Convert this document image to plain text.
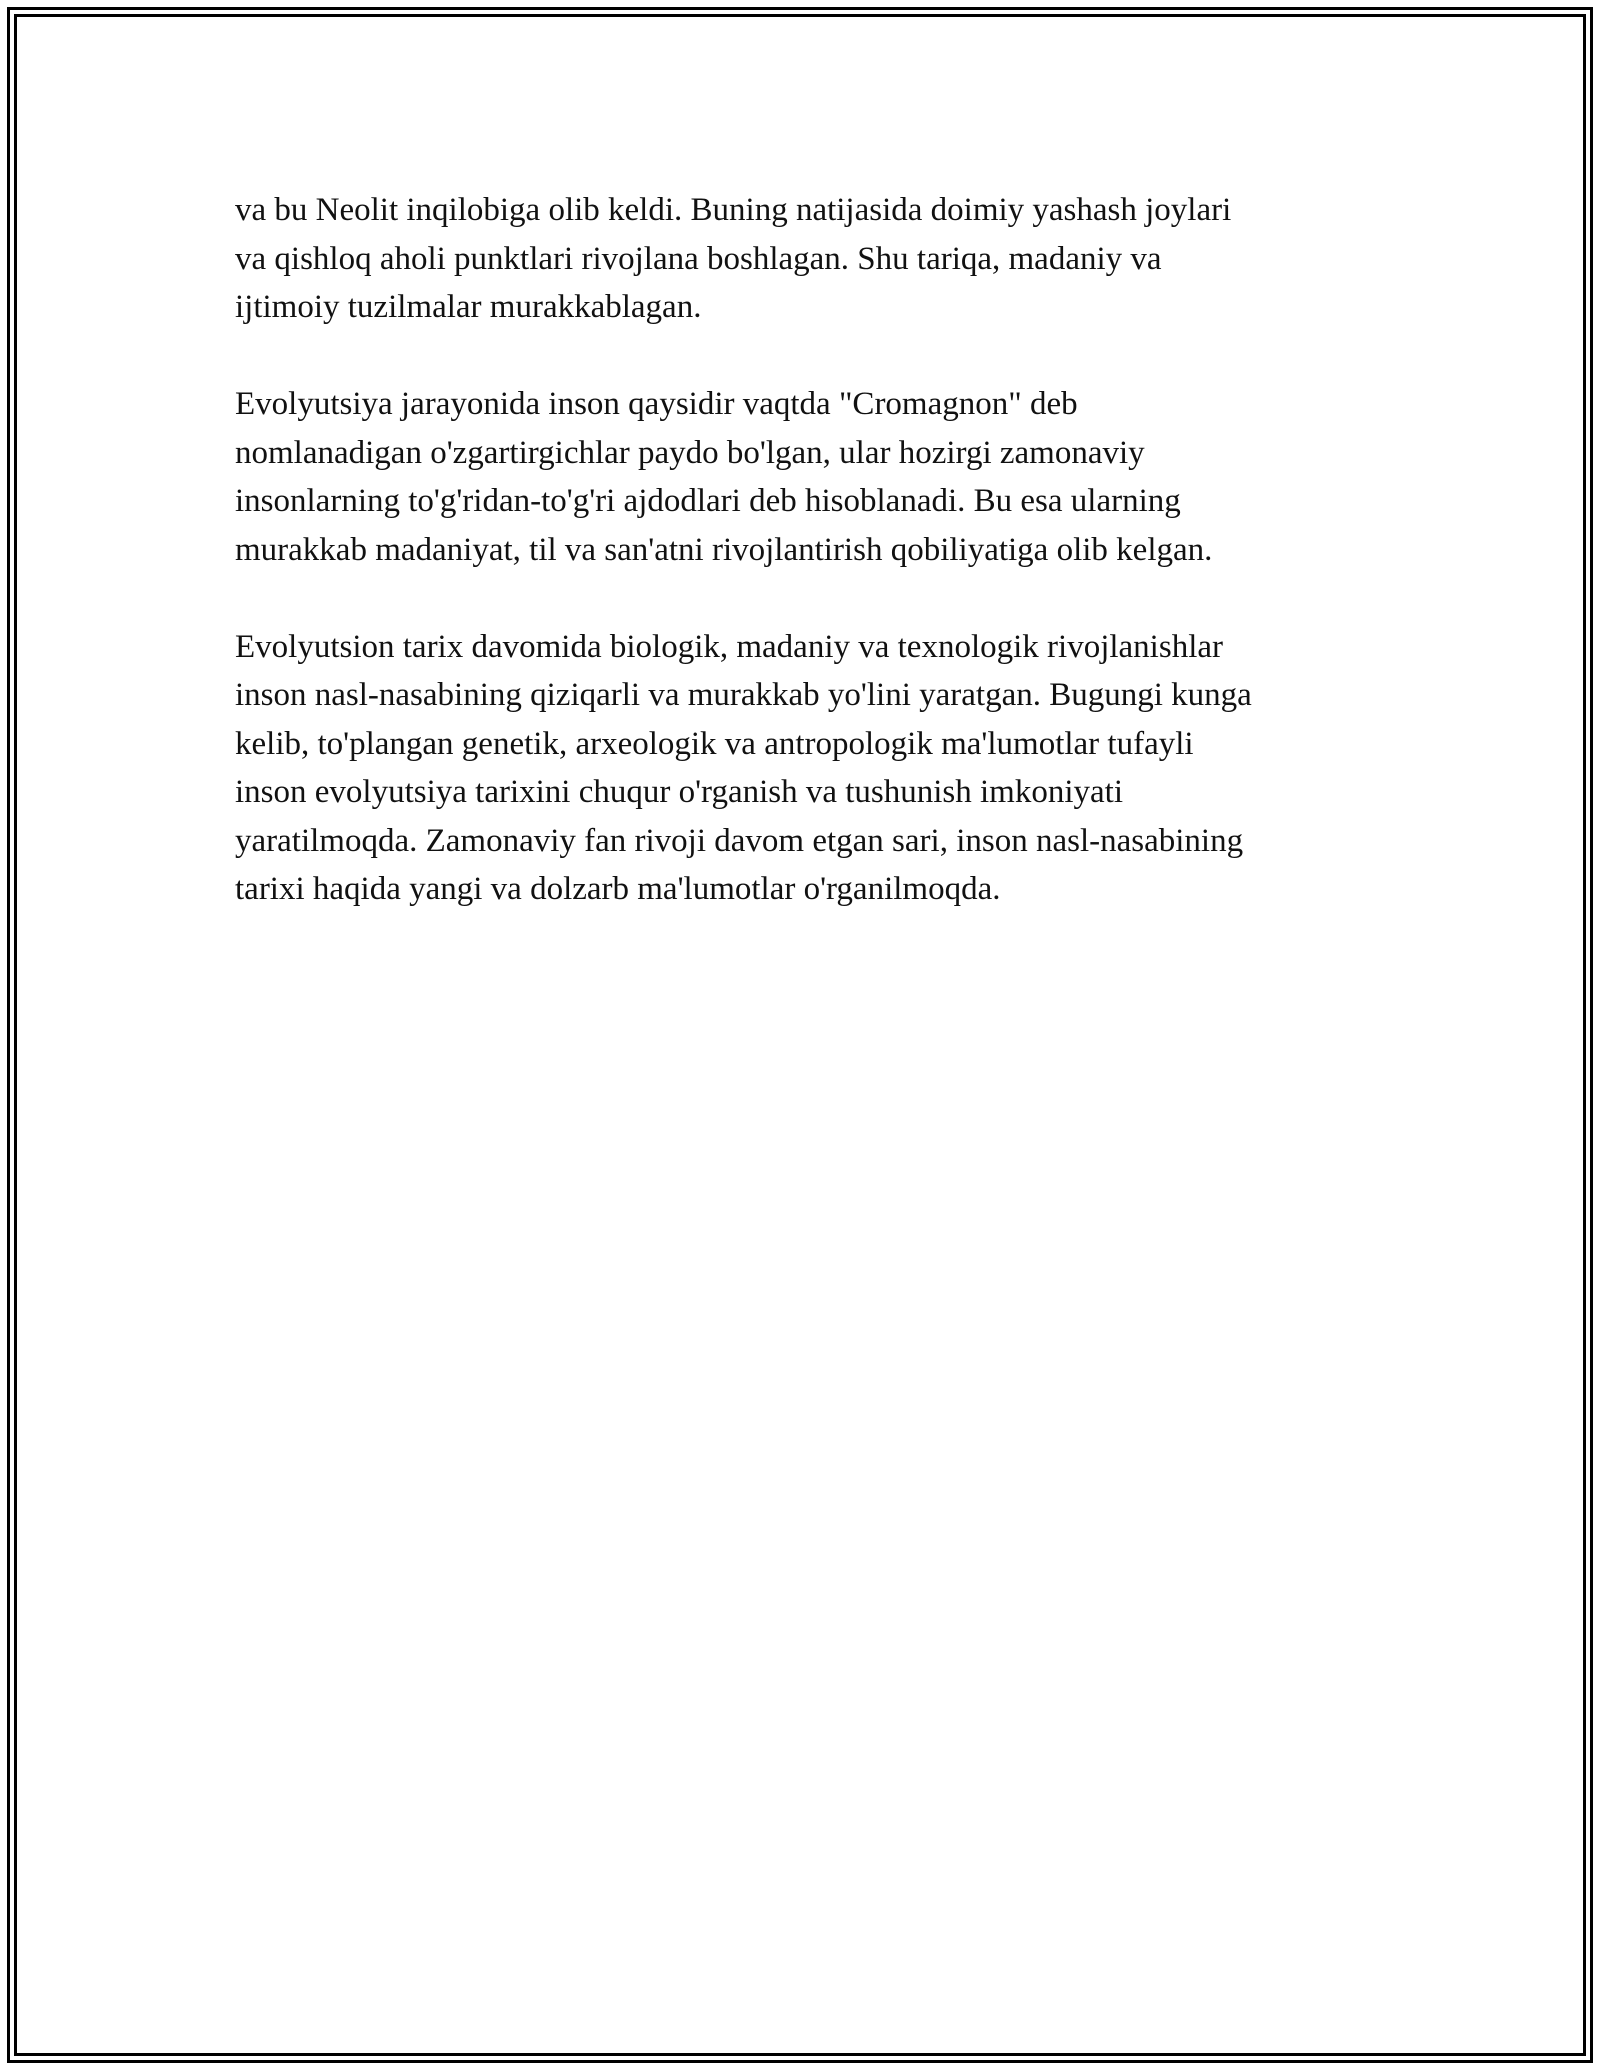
va bu Neolit inqilobiga olib keldi. Buning natijasida doimiy yashash joylari
va qishloq aholi punktlari rivojlana boshlagan. Shu tariqa, madaniy va
ijtimoiy tuzilmalar murakkablagan.

Evolyutsiya jarayonida inson qaysidir vaqtda "Cromagnon" deb
nomlanadigan o'zgartirgichlar paydo bo'lgan, ular hozirgi zamonaviy
insonlarning to'g'ridan-to'g'ri ajdodlari deb hisoblanadi. Bu esa ularning
murakkab madaniyat, til va san'atni rivojlantirish qobiliyatiga olib kelgan.

Evolyutsion tarix davomida biologik, madaniy va texnologik rivojlanishlar
inson nasl-nasabining qiziqarli va murakkab yo'lini yaratgan. Bugungi kunga
kelib, to'plangan genetik, arxeologik va antropologik ma'lumotlar tufayli
inson evolyutsiya tarixini chuqur o'rganish va tushunish imkoniyati
yaratilmoqda. Zamonaviy fan rivoji davom etgan sari, inson nasl-nasabining
tarixi haqida yangi va dolzarb ma'lumotlar o'rganilmoqda.
